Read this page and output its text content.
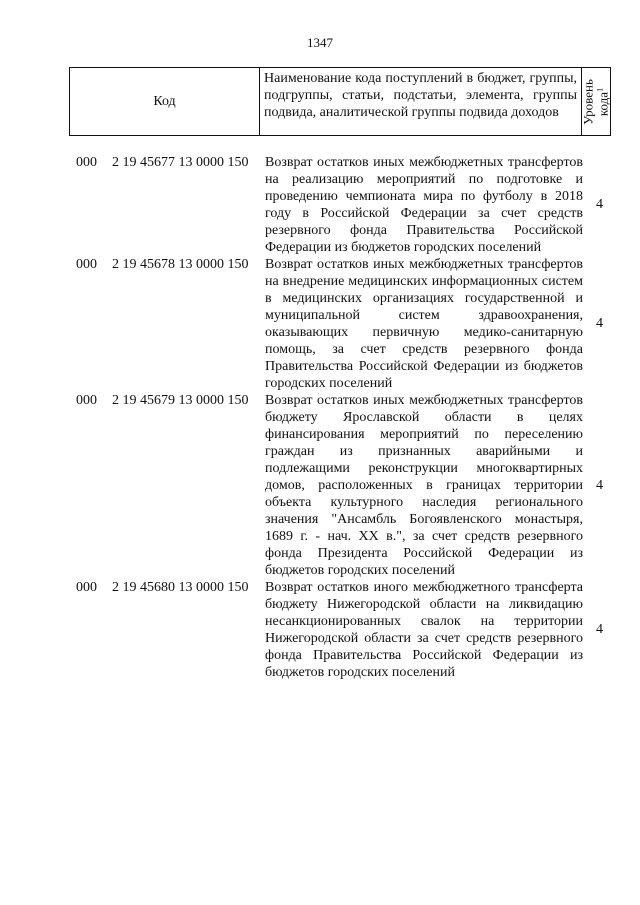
1347
Код
Наименование кода поступлений в бюджет, группы, подгруппы, статьи, подстатьи, элемента, группы подвида, аналитической группы подвида доходов	Уровень
кода$^1$
000 2 19 45677 13 0000 150 Возврат остатков иных межбюджетных трансфертов на реализацию мероприятий по подготовке и проведению чемпионата мира по футболу в 2018 году в Российской Федерации за счет средств резервного фонда Правительства Российской Федерации из бюджетов городских поселений
4
000 2 19 45678 13 0000 150 Возврат остатков иных межбюджетных трансфертов на внедрение медицинских информационных систем в медицинских организациях государственной и муниципальной систем здравоохранения, оказывающих первичную медико-санитарную помощь, за счет средств резервного фонда Правительства Российской Федерации из бюджетов городских поселений
4
000 2 19 45679 13 0000 150 Возврат остатков иных межбюджетных трансфертов бюджету Ярославской области в целях финансирования мероприятий по переселению граждан из признанных аварийными и подлежащими реконструкции многоквартирных домов, расположенных в границах территории объекта культурного наследия регионального значения "Ансамбль Богоявленского монастыря, 1689 г. - нач. XX в.", за счет средств резервного фонда Президента Российской Федерации из бюджетов городских поселений
4
000 2 19 45680 13 0000 150 Возврат остатков иного межбюджетного трансферта бюджету Нижегородской области на ликвидацию несанкционированных свалок на территории Нижегородской области за счет средств резервного фонда Правительства Российской Федерации из бюджетов городских поселений
4
